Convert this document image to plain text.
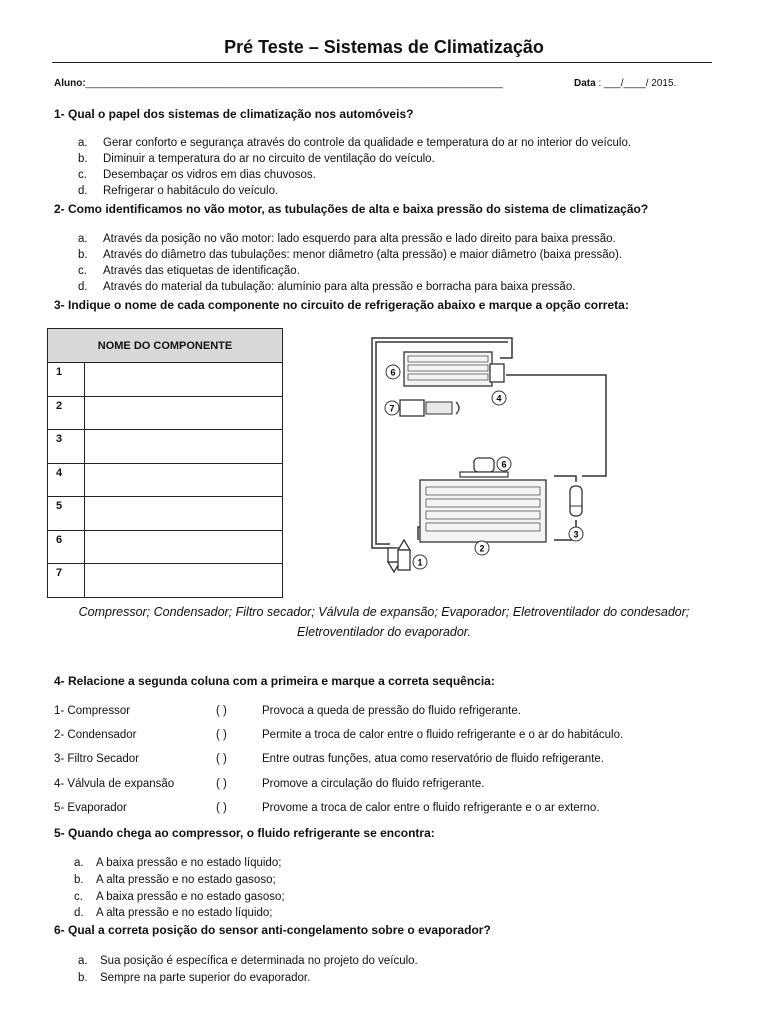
Pré Teste – Sistemas de Climatização
Aluno:___________________________________________________________________________	Data : ___/____/ 2015.
1- Qual o papel dos sistemas de climatização nos automóveis?
a. Gerar conforto e segurança através do controle da qualidade e temperatura do ar no interior do veículo.
b. Diminuir a temperatura do ar no circuito de ventilação do veículo.
c. Desembaçar os vidros em dias chuvosos.
d. Refrigerar o habitáculo do veículo.
2- Como identificamos no vão motor, as tubulações de alta e baixa pressão do sistema de climatização?
a. Através da posição no vão motor: lado esquerdo para alta pressão e lado direito para baixa pressão.
b. Através do diâmetro das tubulações: menor diâmetro (alta pressão) e maior diâmetro (baixa pressão).
c. Através das etiquetas de identificação.
d. Através do material da tubulação: alumínio para alta pressão e borracha para baixa pressão.
3- Indique o nome de cada componente no circuito de refrigeração abaixo e marque a opção correta:
NOME DO COMPONENTE	
1	
2	
3	
4	
5	
6	
7	
1
2
3
4
6
6
7
Compressor; Condensador; Filtro secador; Válvula de expansão; Evaporador; Eletroventilador do condesador;
Eletroventilador do evaporador.
4- Relacione a segunda coluna com a primeira e marque a correta sequência:
1- Compressor	( )	Provoca a queda de pressão do fluido refrigerante.
2- Condensador	( )	Permite a troca de calor entre o fluido refrigerante e o ar do habitáculo.
3- Filtro Secador	( )	Entre outras funções, atua como reservatório de fluido refrigerante.
4- Válvula de expansão	( )	Promove a circulação do fluido refrigerante.
5- Evaporador	( )	Provome a troca de calor entre o fluido refrigerante e o ar externo.
5- Quando chega ao compressor, o fluido refrigerante se encontra:
a. A baixa pressão e no estado líquido;
b. A alta pressão e no estado gasoso;
c. A baixa pressão e no estado gasoso;
d. A alta pressão e no estado líquido;
6- Qual a correta posição do sensor anti-congelamento sobre o evaporador?
a. Sua posição é específica e determinada no projeto do veículo.
b. Sempre na parte superior do evaporador.
